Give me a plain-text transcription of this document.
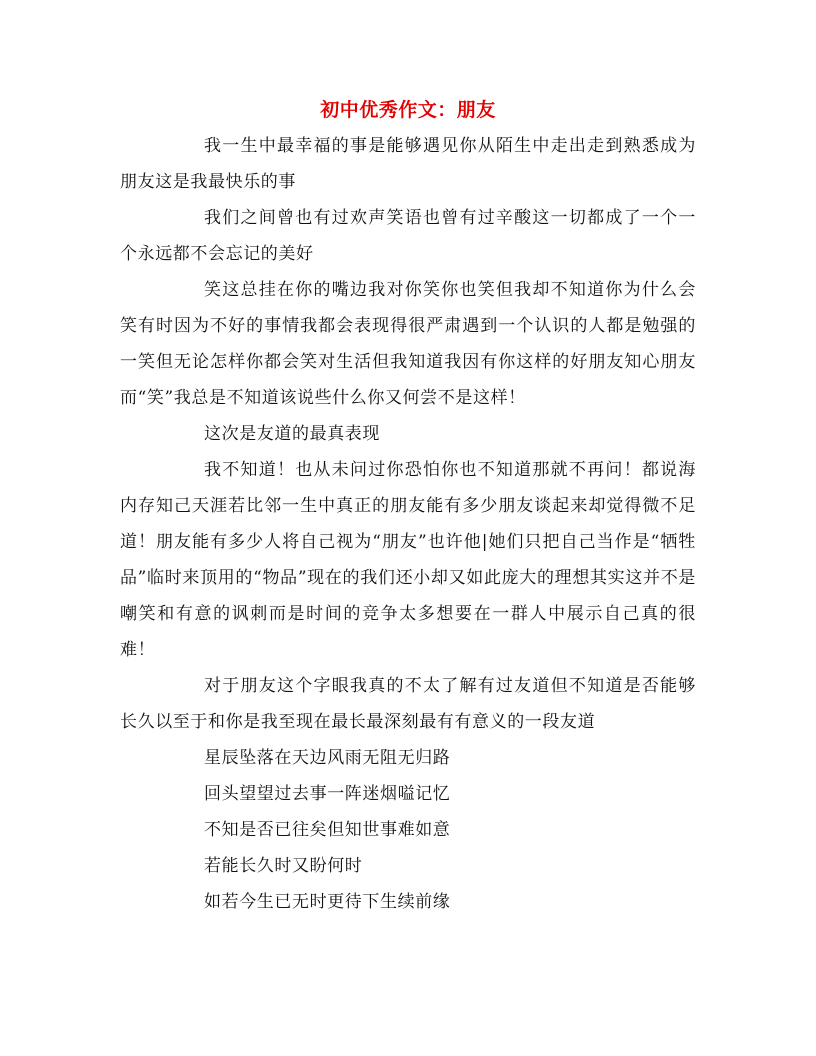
初中优秀作文：朋友

我一生中最幸福的事是能够遇见你从陌生中走出走到熟悉成为朋友这是我最快乐的事

我们之间曾也有过欢声笑语也曾有过辛酸这一切都成了一个一个永远都不会忘记的美好

笑这总挂在你的嘴边我对你笑你也笑但我却不知道你为什么会笑有时因为不好的事情我都会表现得很严肃遇到一个认识的人都是勉强的一笑但无论怎样你都会笑对生活但我知道我因有你这样的好朋友知心朋友而“笑”我总是不知道该说些什么你又何尝不是这样！

这次是友道的最真表现

我不知道！也从未问过你恐怕你也不知道那就不再问！都说海内存知己天涯若比邻一生中真正的朋友能有多少朋友谈起来却觉得微不足道！朋友能有多少人将自己视为“朋友”也许他|她们只把自己当作是“牺牲品”临时来顶用的“物品”现在的我们还小却又如此庞大的理想其实这并不是嘲笑和有意的讽刺而是时间的竞争太多想要在一群人中展示自己真的很难！

对于朋友这个字眼我真的不太了解有过友道但不知道是否能够长久以至于和你是我至现在最长最深刻最有有意义的一段友道

星辰坠落在天边风雨无阻无归路

回头望望过去事一阵迷烟嗌记忆

不知是否已往矣但知世事难如意

若能长久时又盼何时

如若今生已无时更待下生续前缘
